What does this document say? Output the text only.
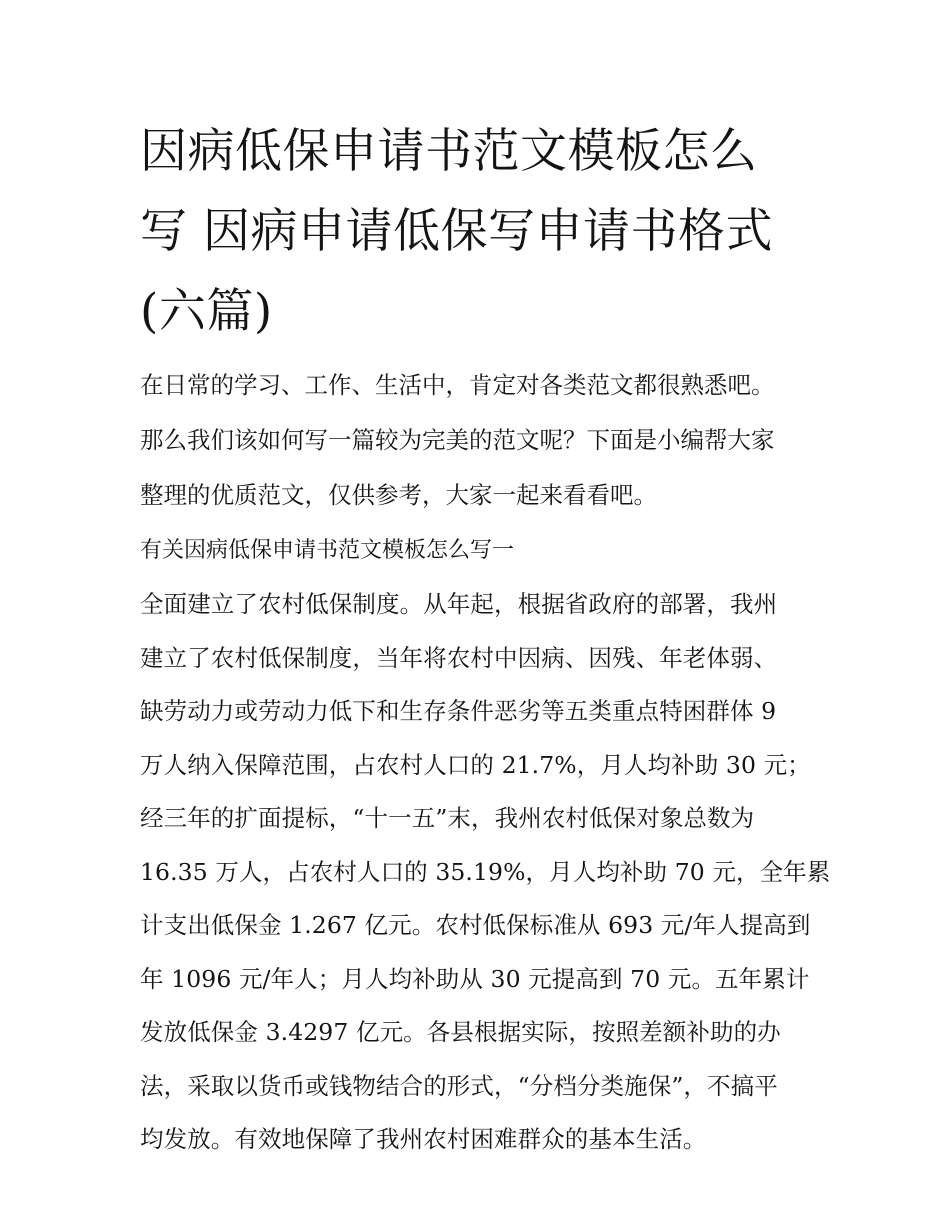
因病低保申请书范文模板怎么
写 因病申请低保写申请书格式
(六篇)

在日常的学习、工作、生活中，肯定对各类范文都很熟悉吧。
那么我们该如何写一篇较为完美的范文呢？下面是小编帮大家
整理的优质范文，仅供参考，大家一起来看看吧。

有关因病低保申请书范文模板怎么写一

全面建立了农村低保制度。从年起，根据省政府的部署，我州
建立了农村低保制度，当年将农村中因病、因残、年老体弱、
缺劳动力或劳动力低下和生存条件恶劣等五类重点特困群体 9
万人纳入保障范围，占农村人口的 21.7%，月人均补助 30 元；
经三年的扩面提标，“十一五”末，我州农村低保对象总数为
16.35 万人，占农村人口的 35.19%，月人均补助 70 元，全年累
计支出低保金 1.267 亿元。农村低保标准从 693 元/年人提高到
年 1096 元/年人；月人均补助从 30 元提高到 70 元。五年累计
发放低保金 3.4297 亿元。各县根据实际，按照差额补助的办
法，采取以货币或钱物结合的形式，“分档分类施保”，不搞平
均发放。有效地保障了我州农村困难群众的基本生活。
